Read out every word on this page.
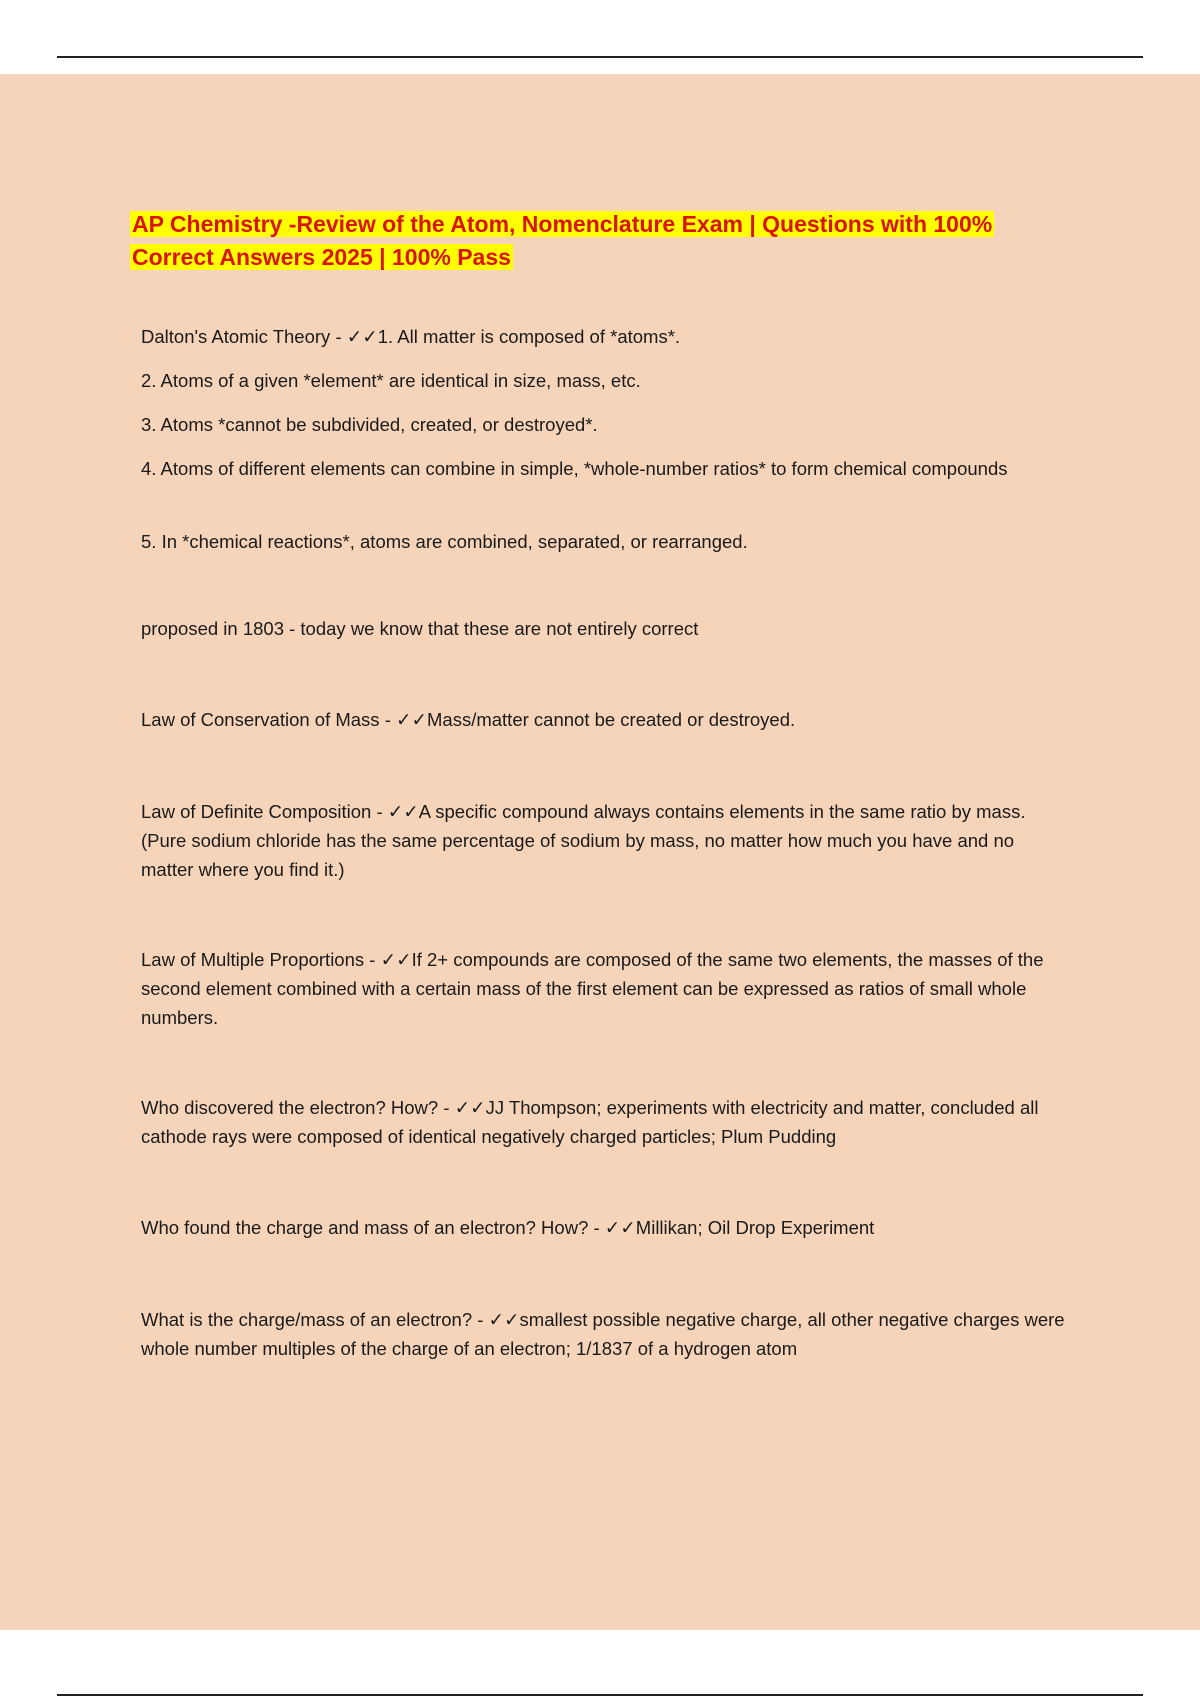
AP Chemistry -Review of the Atom, Nomenclature Exam | Questions with 100% Correct Answers 2025 | 100% Pass

Dalton's Atomic Theory - ✓✓1. All matter is composed of *atoms*.

2. Atoms of a given *element* are identical in size, mass, etc.

3. Atoms *cannot be subdivided, created, or destroyed*.

4. Atoms of different elements can combine in simple, *whole-number ratios* to form chemical compounds

5. In *chemical reactions*, atoms are combined, separated, or rearranged.

proposed in 1803 - today we know that these are not entirely correct

Law of Conservation of Mass - ✓✓Mass/matter cannot be created or destroyed.

Law of Definite Composition - ✓✓A specific compound always contains elements in the same ratio by mass. (Pure sodium chloride has the same percentage of sodium by mass, no matter how much you have and no matter where you find it.)

Law of Multiple Proportions - ✓✓If 2+ compounds are composed of the same two elements, the masses of the second element combined with a certain mass of the first element can be expressed as ratios of small whole numbers.

Who discovered the electron? How? - ✓✓JJ Thompson; experiments with electricity and matter, concluded all cathode rays were composed of identical negatively charged particles; Plum Pudding

Who found the charge and mass of an electron? How? - ✓✓Millikan; Oil Drop Experiment

What is the charge/mass of an electron? - ✓✓smallest possible negative charge, all other negative charges were whole number multiples of the charge of an electron; 1/1837 of a hydrogen atom
